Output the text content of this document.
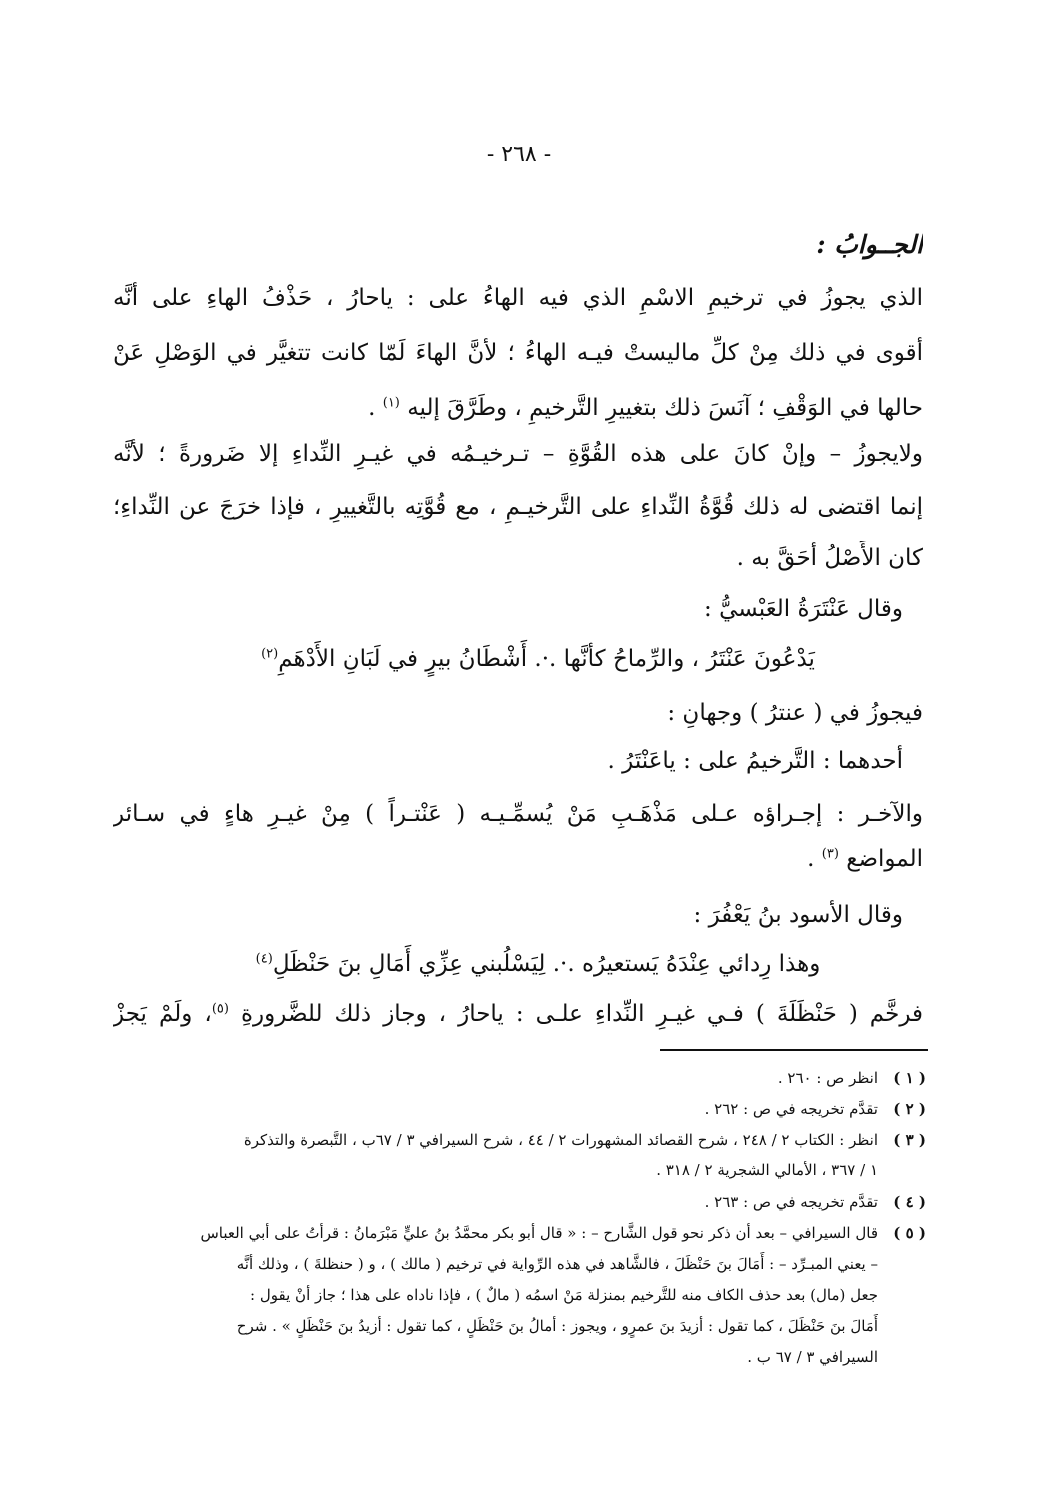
- ٢٦٨ -
الجــوابُ :
الذي يجوزُ في ترخيمِ الاسْمِ الذي فيه الهاءُ على : ياحارُ ، حَذْفُ الهاءِ على أنَّه
أقوى في ذلك مِنْ كلِّ ماليستْ فيـه الهاءُ ؛ لأنَّ الهاءَ لَمّا كانت تتغيَّر في الوَصْلِ عَنْ
حالها في الوَقْفِ ؛ آنَسَ ذلك بتغييرِ التَّرخيمِ ، وطَرَّقَ إليه $^{(١)}$ .
ولايجوزُ – وإنْ كانَ على هذه القُوَّةِ – تـرخيـمُه في غيـرِ النِّداءِ إلا ضَرورةً ؛ لأنَّه
إنما اقتضى له ذلك قُوَّةُ النِّداءِ على التَّرخيـمِ ، مع قُوَّتِه بالتَّغييرِ ، فإذا خرَجَ عن النِّداءِ؛
كان الأَصْلُ أحَقَّ به .
وقال عَنْتَرَةُ العَبْسيُّ :
يَدْعُونَ عَنْتَرُ ، والرِّماحُ كأنَّها .·. أَشْطَانُ بيرٍ في لَبَانِ الأَدْهَمِ$^{(٢)}$
فيجوزُ في ( عنترُ ) وجهانِ :
أحدهما : التَّرخيمُ على : ياعَنْتَرُ .
والآخـر : إجـراؤه عـلى مَذْهَـبِ مَنْ يُسمِّـيـه ( عَنْتـراً ) مِنْ غيـرِ هاءٍ في سـائر
المواضع $^{(٣)}$ .
وقال الأسود بنُ يَعْفُرَ :
وهذا رِدائي عِنْدَهُ يَستعيرُه .·. لِيَسْلُبني عِزِّي أَمَالِ بنَ حَنْظَلِ$^{(٤)}$
فرخَّم ( حَنْظَلَةَ ) فـي غيـرِ النِّداءِ علـى : ياحارُ ، وجاز ذلك للضَّرورةِ $^{(٥)}$، ولَمْ يَجزْ
( ١ )انظر ص : ٢٦٠ .
( ٢ )تقدَّم تخريجه في ص : ٢٦٢ .
( ٣ )انظر : الكتاب ٢ / ٢٤٨ ، شرح القصائد المشهورات ٢ / ٤٤ ، شرح السيرافي ٣ / ٦٧ب ، التَّبصرة والتذكرة
١ / ٣٦٧ ، الأمالي الشجرية ٢ / ٣١٨ .
( ٤ )تقدَّم تخريجه في ص : ٢٦٣ .
( ٥ )قال السيرافي – بعد أن ذكر نحو قول الشَّارح – : « قال أبو بكر محمَّدُ بنُ عليٍّ مَبْرَمانُ : قرأتُ على أبي العباس
– يعني المبـرِّد – : أَمَالَ بنَ حَنْظَلَ ، فالشَّاهد في هذه الرِّواية في ترخيم ( مالك ) ، و ( حنظلةَ ) ، وذلك أنَّه
جعل (مال) بعد حذف الكاف منه للتَّرخيم بمنزلة مَنْ اسمُه ( مالٌ ) ، فإذا ناداه على هذا ؛ جاز أنْ يقول :
أَمَالَ بنَ حَنْظَلَ ، كما تقول : أزيدَ بنَ عمرٍو ، ويجوز : أمالُ بنَ حَنْظَلٍ ، كما تقول : أزيدُ بنَ حَنْظَلٍ » . شرح
السيرافي ٣ / ٦٧ ب .
